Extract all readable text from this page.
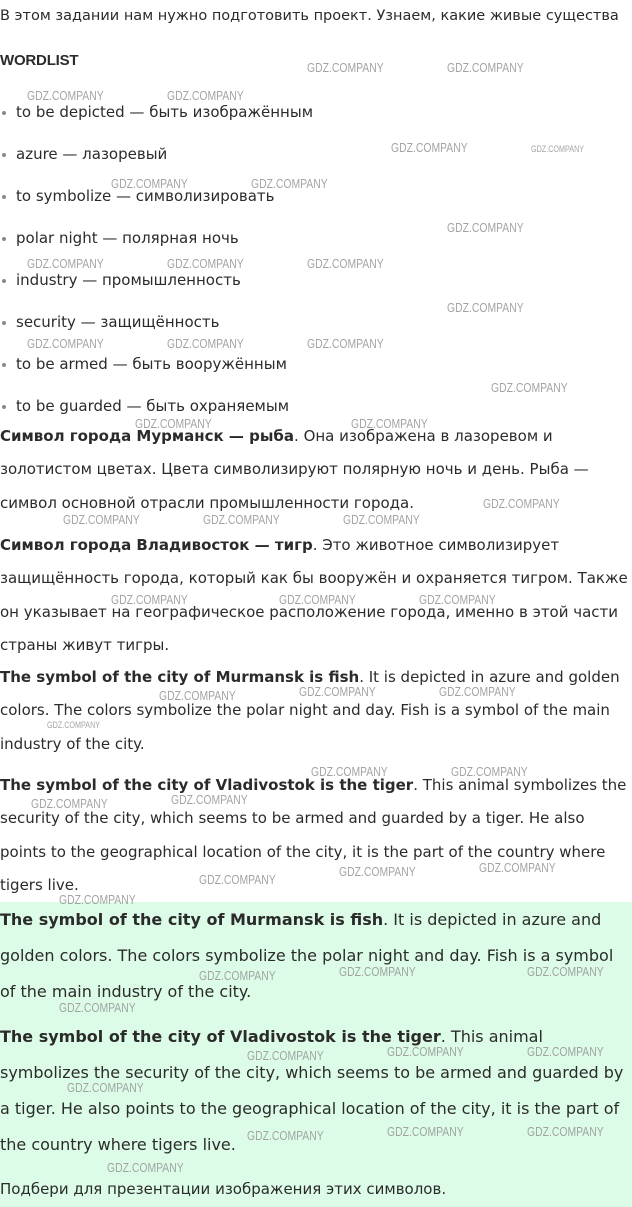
В этом задании нам нужно подготовить проект. Узнаем, какие живые существа
WORDLIST
to be depicted — быть изображённым
azure — лазоревый
to symbolize — символизировать
polar night — полярная ночь
industry — промышленность
security — защищённость
to be armed — быть вооружённым
to be guarded — быть охраняемым

Символ города Мурманск — рыба. Она изображена в лазоревом и золотистом цветах. Цвета символизируют полярную ночь и день. Рыба — символ основной отрасли промышленности города.

Символ города Владивосток — тигр. Это животное символизирует защищённость города, который как бы вооружён и охраняется тигром. Также он указывает на географическое расположение города, именно в этой части страны живут тигры.

The symbol of the city of Murmansk is fish. It is depicted in azure and golden colors. The colors symbolize the polar night and day. Fish is a symbol of the main industry of the city.

The symbol of the city of Vladivostok is the tiger. This animal symbolizes the security of the city, which seems to be armed and guarded by a tiger. He also points to the geographical location of the city, it is the part of the country where tigers live.

The symbol of the city of Murmansk is fish. It is depicted in azure and golden colors. The colors symbolize the polar night and day. Fish is a symbol of the main industry of the city.

The symbol of the city of Vladivostok is the tiger. This animal symbolizes the security of the city, which seems to be armed and guarded by a tiger. He also points to the geographical location of the city, it is the part of the country where tigers live.

Подбери для презентации изображения этих символов.
GDZ.COMPANY	GDZ.COMPANY
GDZ.COMPANY	GDZ.COMPANY
GDZ.COMPANY	GDZ.COMPANY
GDZ.COMPANY	GDZ.COMPANY
GDZ.COMPANY
GDZ.COMPANY	GDZ.COMPANY	GDZ.COMPANY
GDZ.COMPANY
GDZ.COMPANY	GDZ.COMPANY	GDZ.COMPANY
GDZ.COMPANY
GDZ.COMPANY	GDZ.COMPANY
GDZ.COMPANY
GDZ.COMPANY	GDZ.COMPANY	GDZ.COMPANY
GDZ.COMPANY	GDZ.COMPANY	GDZ.COMPANY
GDZ.COMPANY	GDZ.COMPANY	GDZ.COMPANY
GDZ.COMPANY
GDZ.COMPANY	GDZ.COMPANY
GDZ.COMPANY	GDZ.COMPANY
GDZ.COMPANY
GDZ.COMPANY	GDZ.COMPANY
GDZ.COMPANY
GDZ.COMPANY	GDZ.COMPANY	GDZ.COMPANY
GDZ.COMPANY
GDZ.COMPANY	GDZ.COMPANY	GDZ.COMPANY
GDZ.COMPANY
GDZ.COMPANY	GDZ.COMPANY	GDZ.COMPANY
GDZ.COMPANY
